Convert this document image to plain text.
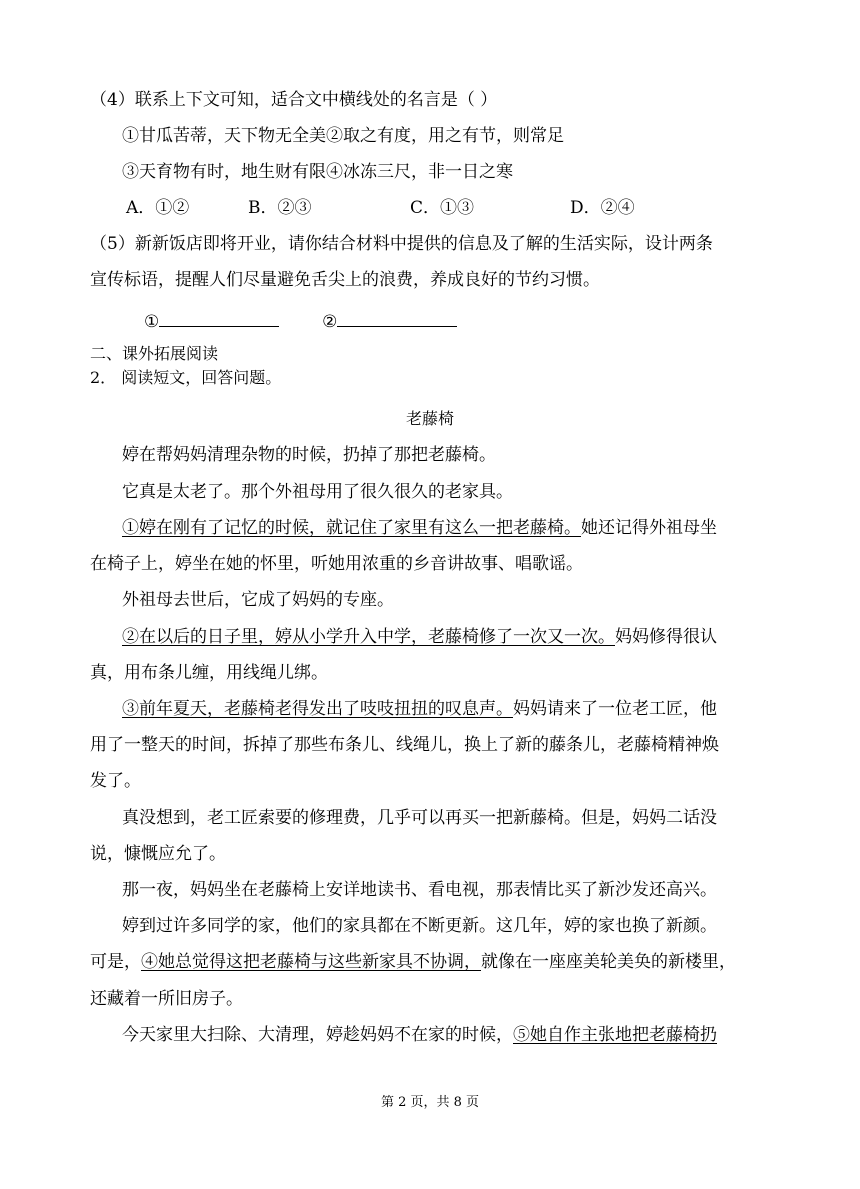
（4）联系上下文可知，适合文中横线处的名言是（ ）
①甘瓜苦蒂，天下物无全美②取之有度，用之有节，则常足
③天育物有时，地生财有限④冰冻三尺，非一日之寒
A．①②	B．②③	C．①③	D．②④
（5）新新饭店即将开业，请你结合材料中提供的信息及了解的生活实际，设计两条
宣传标语，提醒人们尽量避免舌尖上的浪费，养成良好的节约习惯。
①	②
二、课外拓展阅读
2． 阅读短文，回答问题。
老藤椅
婷在帮妈妈清理杂物的时候，扔掉了那把老藤椅。
它真是太老了。那个外祖母用了很久很久的老家具。
①婷在刚有了记忆的时候，就记住了家里有这么一把老藤椅。她还记得外祖母坐
在椅子上，婷坐在她的怀里，听她用浓重的乡音讲故事、唱歌谣。
外祖母去世后，它成了妈妈的专座。
②在以后的日子里，婷从小学升入中学，老藤椅修了一次又一次。妈妈修得很认
真，用布条儿缠，用线绳儿绑。
③前年夏天，老藤椅老得发出了吱吱扭扭的叹息声。妈妈请来了一位老工匠，他
用了一整天的时间，拆掉了那些布条儿、线绳儿，换上了新的藤条儿，老藤椅精神焕
发了。
真没想到，老工匠索要的修理费，几乎可以再买一把新藤椅。但是，妈妈二话没
说，慷慨应允了。
那一夜，妈妈坐在老藤椅上安详地读书、看电视，那表情比买了新沙发还高兴。
婷到过许多同学的家，他们的家具都在不断更新。这几年，婷的家也换了新颜。
可是，④她总觉得这把老藤椅与这些新家具不协调，就像在一座座美轮美奂的新楼里，
还藏着一所旧房子。
今天家里大扫除、大清理，婷趁妈妈不在家的时候，⑤她自作主张地把老藤椅扔
第 2 页，共 8 页
